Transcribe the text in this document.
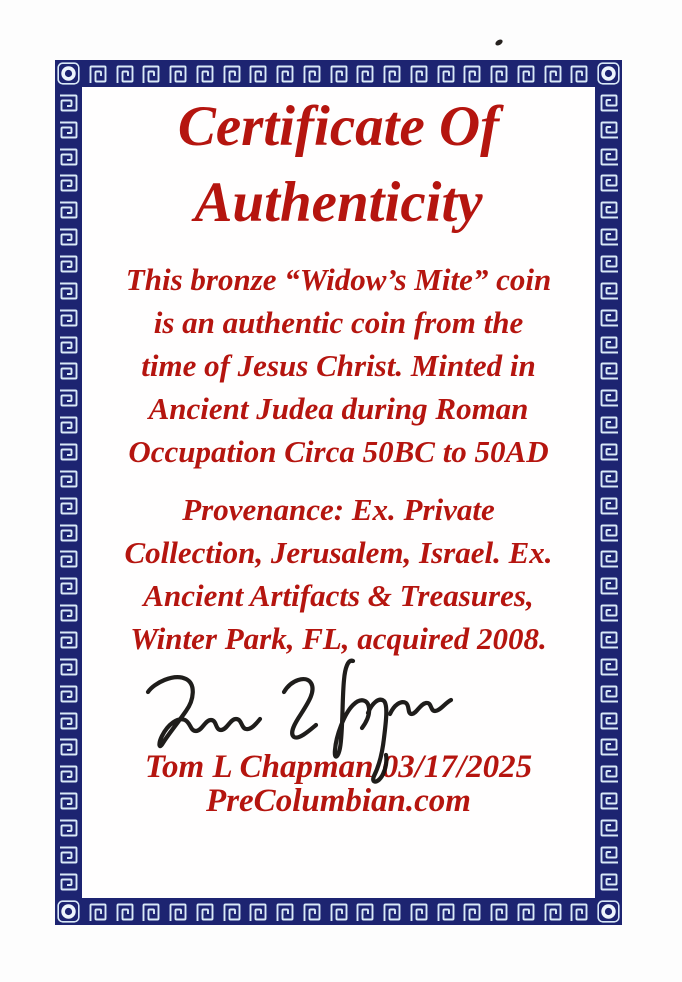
Certificate Of
Authenticity
This bronze “Widow’s Mite” coin
is an authentic coin from the
time of Jesus Christ. Minted in
Ancient Judea during Roman
Occupation Circa 50BC to 50AD
Provenance: Ex. Private
Collection, Jerusalem, Israel. Ex.
Ancient Artifacts & Treasures,
Winter Park, FL, acquired 2008.
Tom L Chapman 03/17/2025
PreColumbian.com
